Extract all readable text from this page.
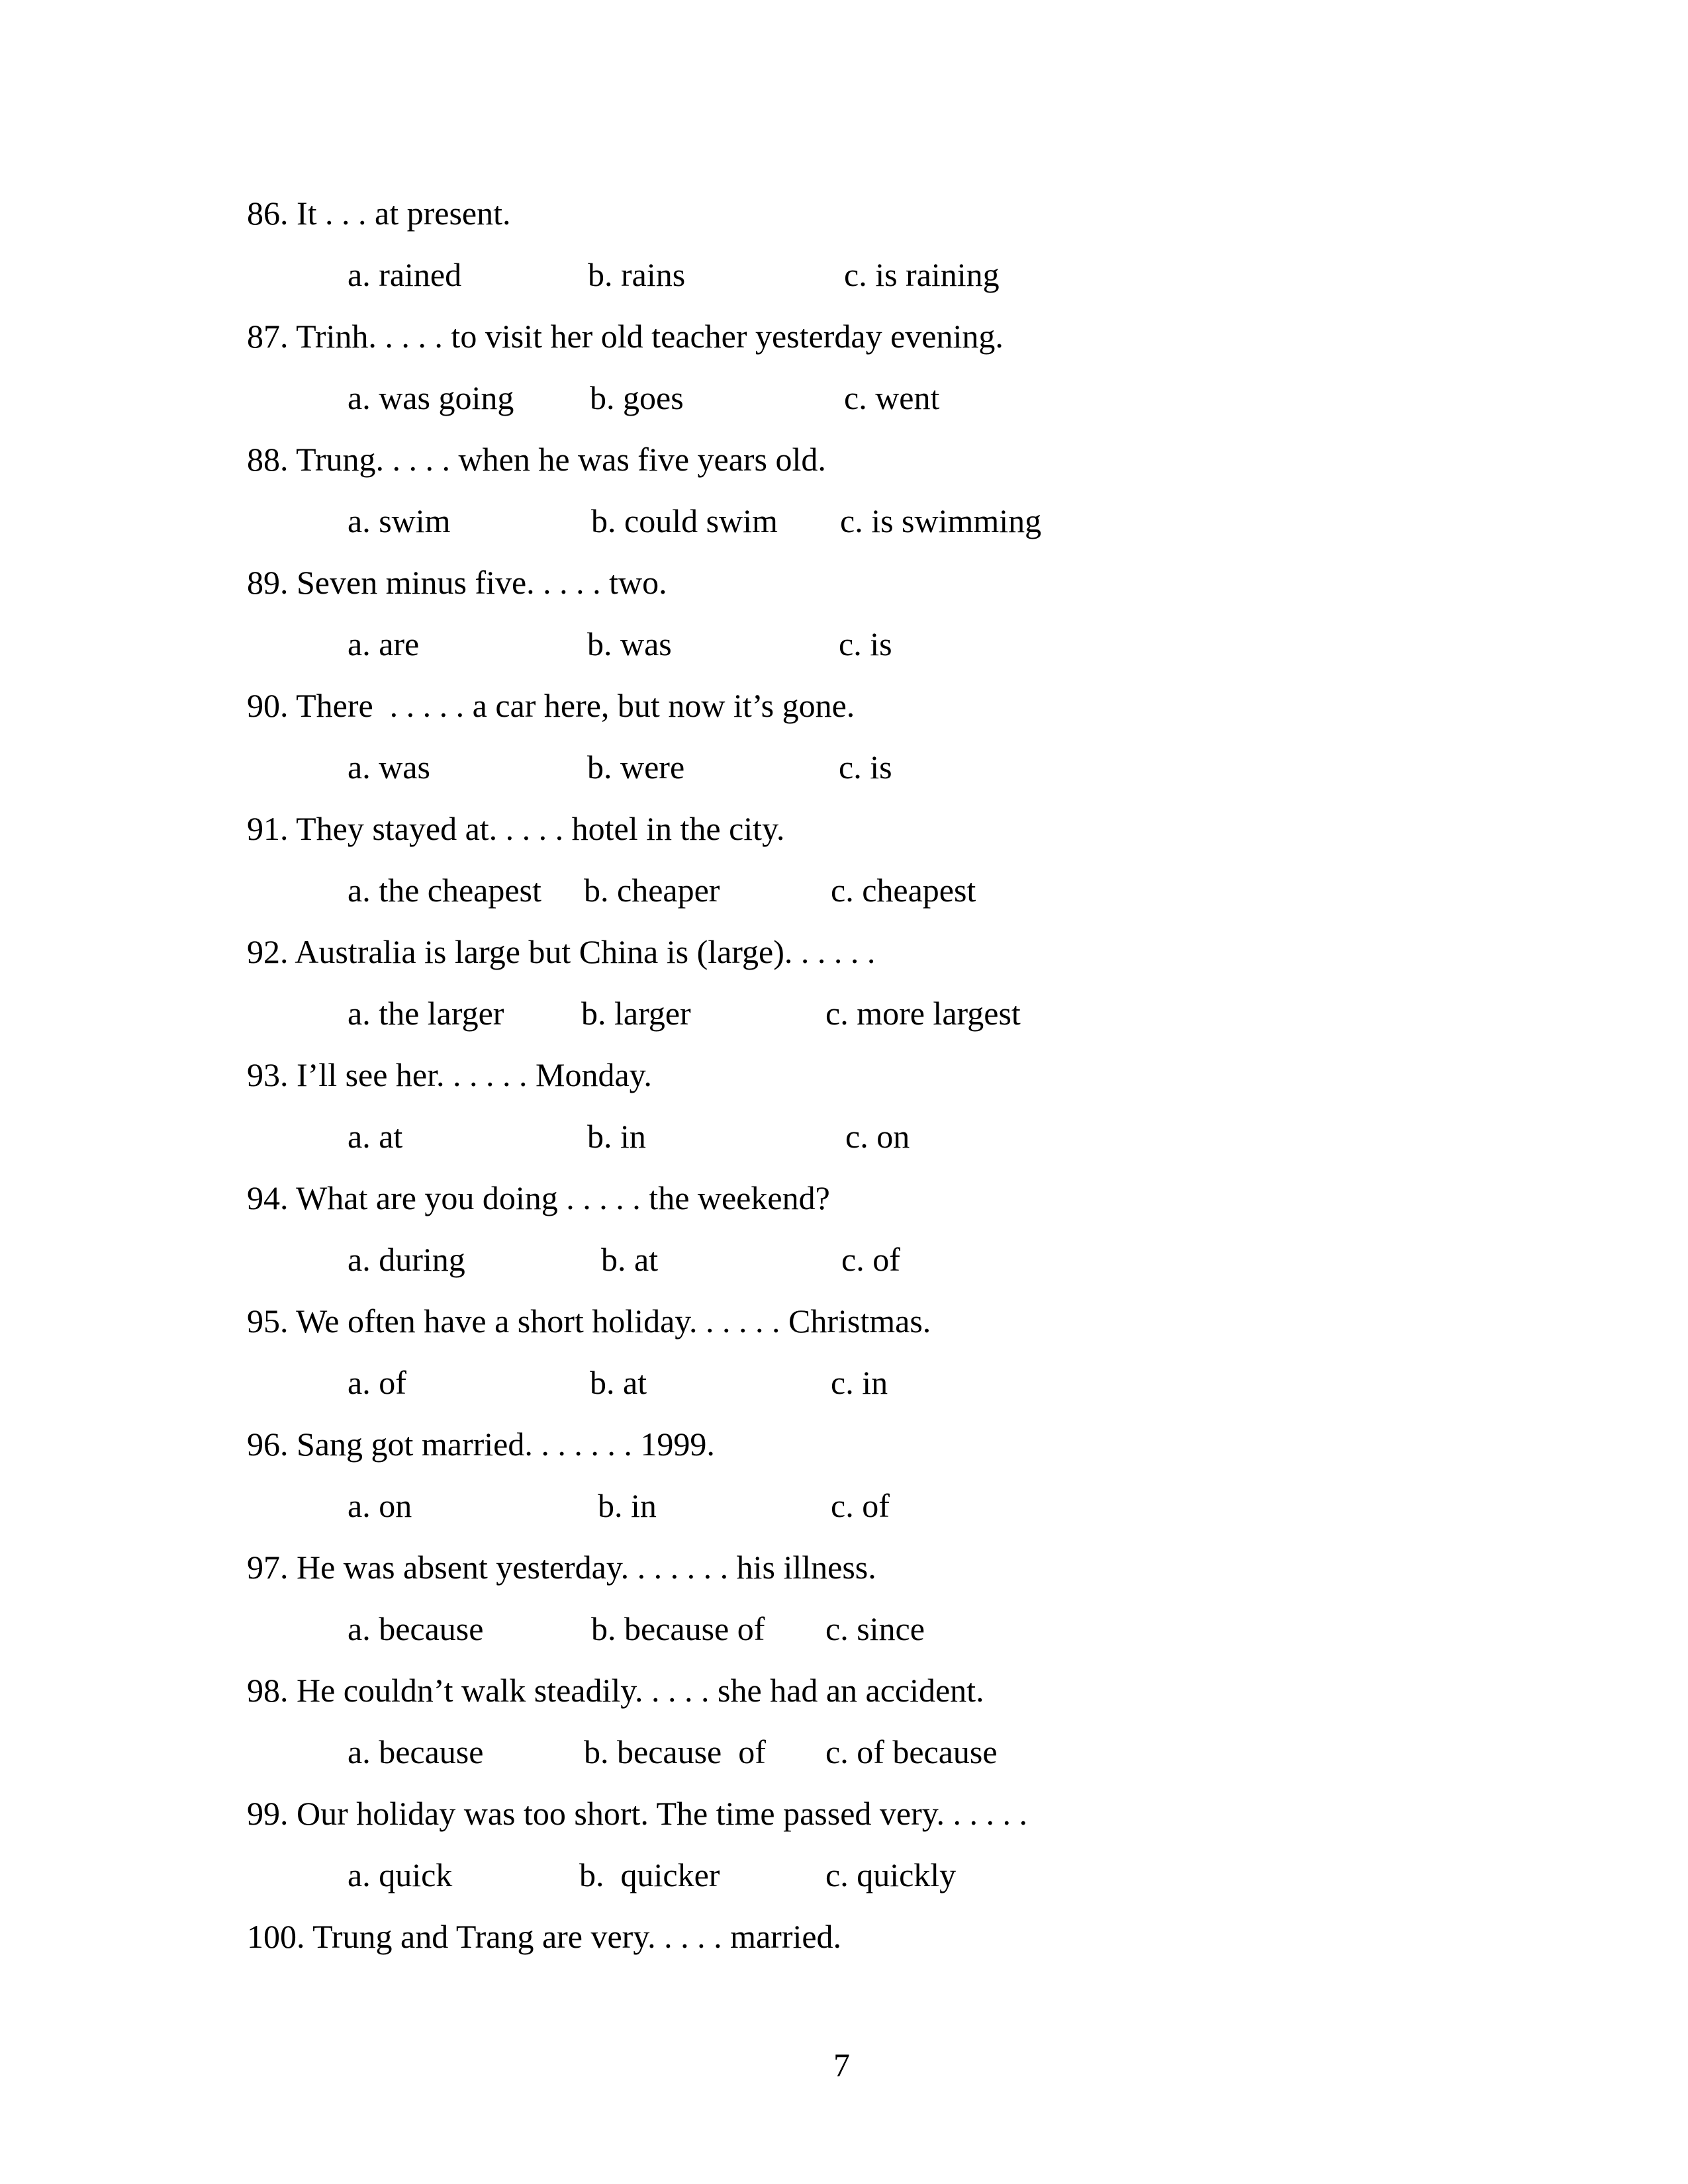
86. It . . . at present.
a. rained	b. rains	c. is raining
87. Trinh. . . . . to visit her old teacher yesterday evening.
a. was going b. goes	c. went
88. Trung. . . . . when he was five years old.
a. swim	b. could swim c. is swimming
89. Seven minus five. . . . . two.
a. are	b. was	c. is
90. There  . . . . . a car here, but now it’s gone.
a. was	b. were	c. is
91. They stayed at. . . . . hotel in the city.
a. the cheapest b. cheaper	c. cheapest
92. Australia is large but China is (large). . . . . .
a. the larger b. larger	c. more largest
93. I’ll see her. . . . . . Monday.
a. at	b. in	c. on
94. What are you doing . . . . . the weekend?
a. during	b. at	c. of
95. We often have a short holiday. . . . . . Christmas.
a. of	b. at	c. in
96. Sang got married. . . . . . . 1999.
a. on	b. in	c. of
97. He was absent yesterday. . . . . . . his illness.
a. because	b. because of c. since
98. He couldn’t walk steadily. . . . . she had an accident.
a. because	b. because  of c. of because
99. Our holiday was too short. The time passed very. . . . . .
a. quick	b.  quicker	c. quickly
100. Trung and Trang are very. . . . . married.
7
